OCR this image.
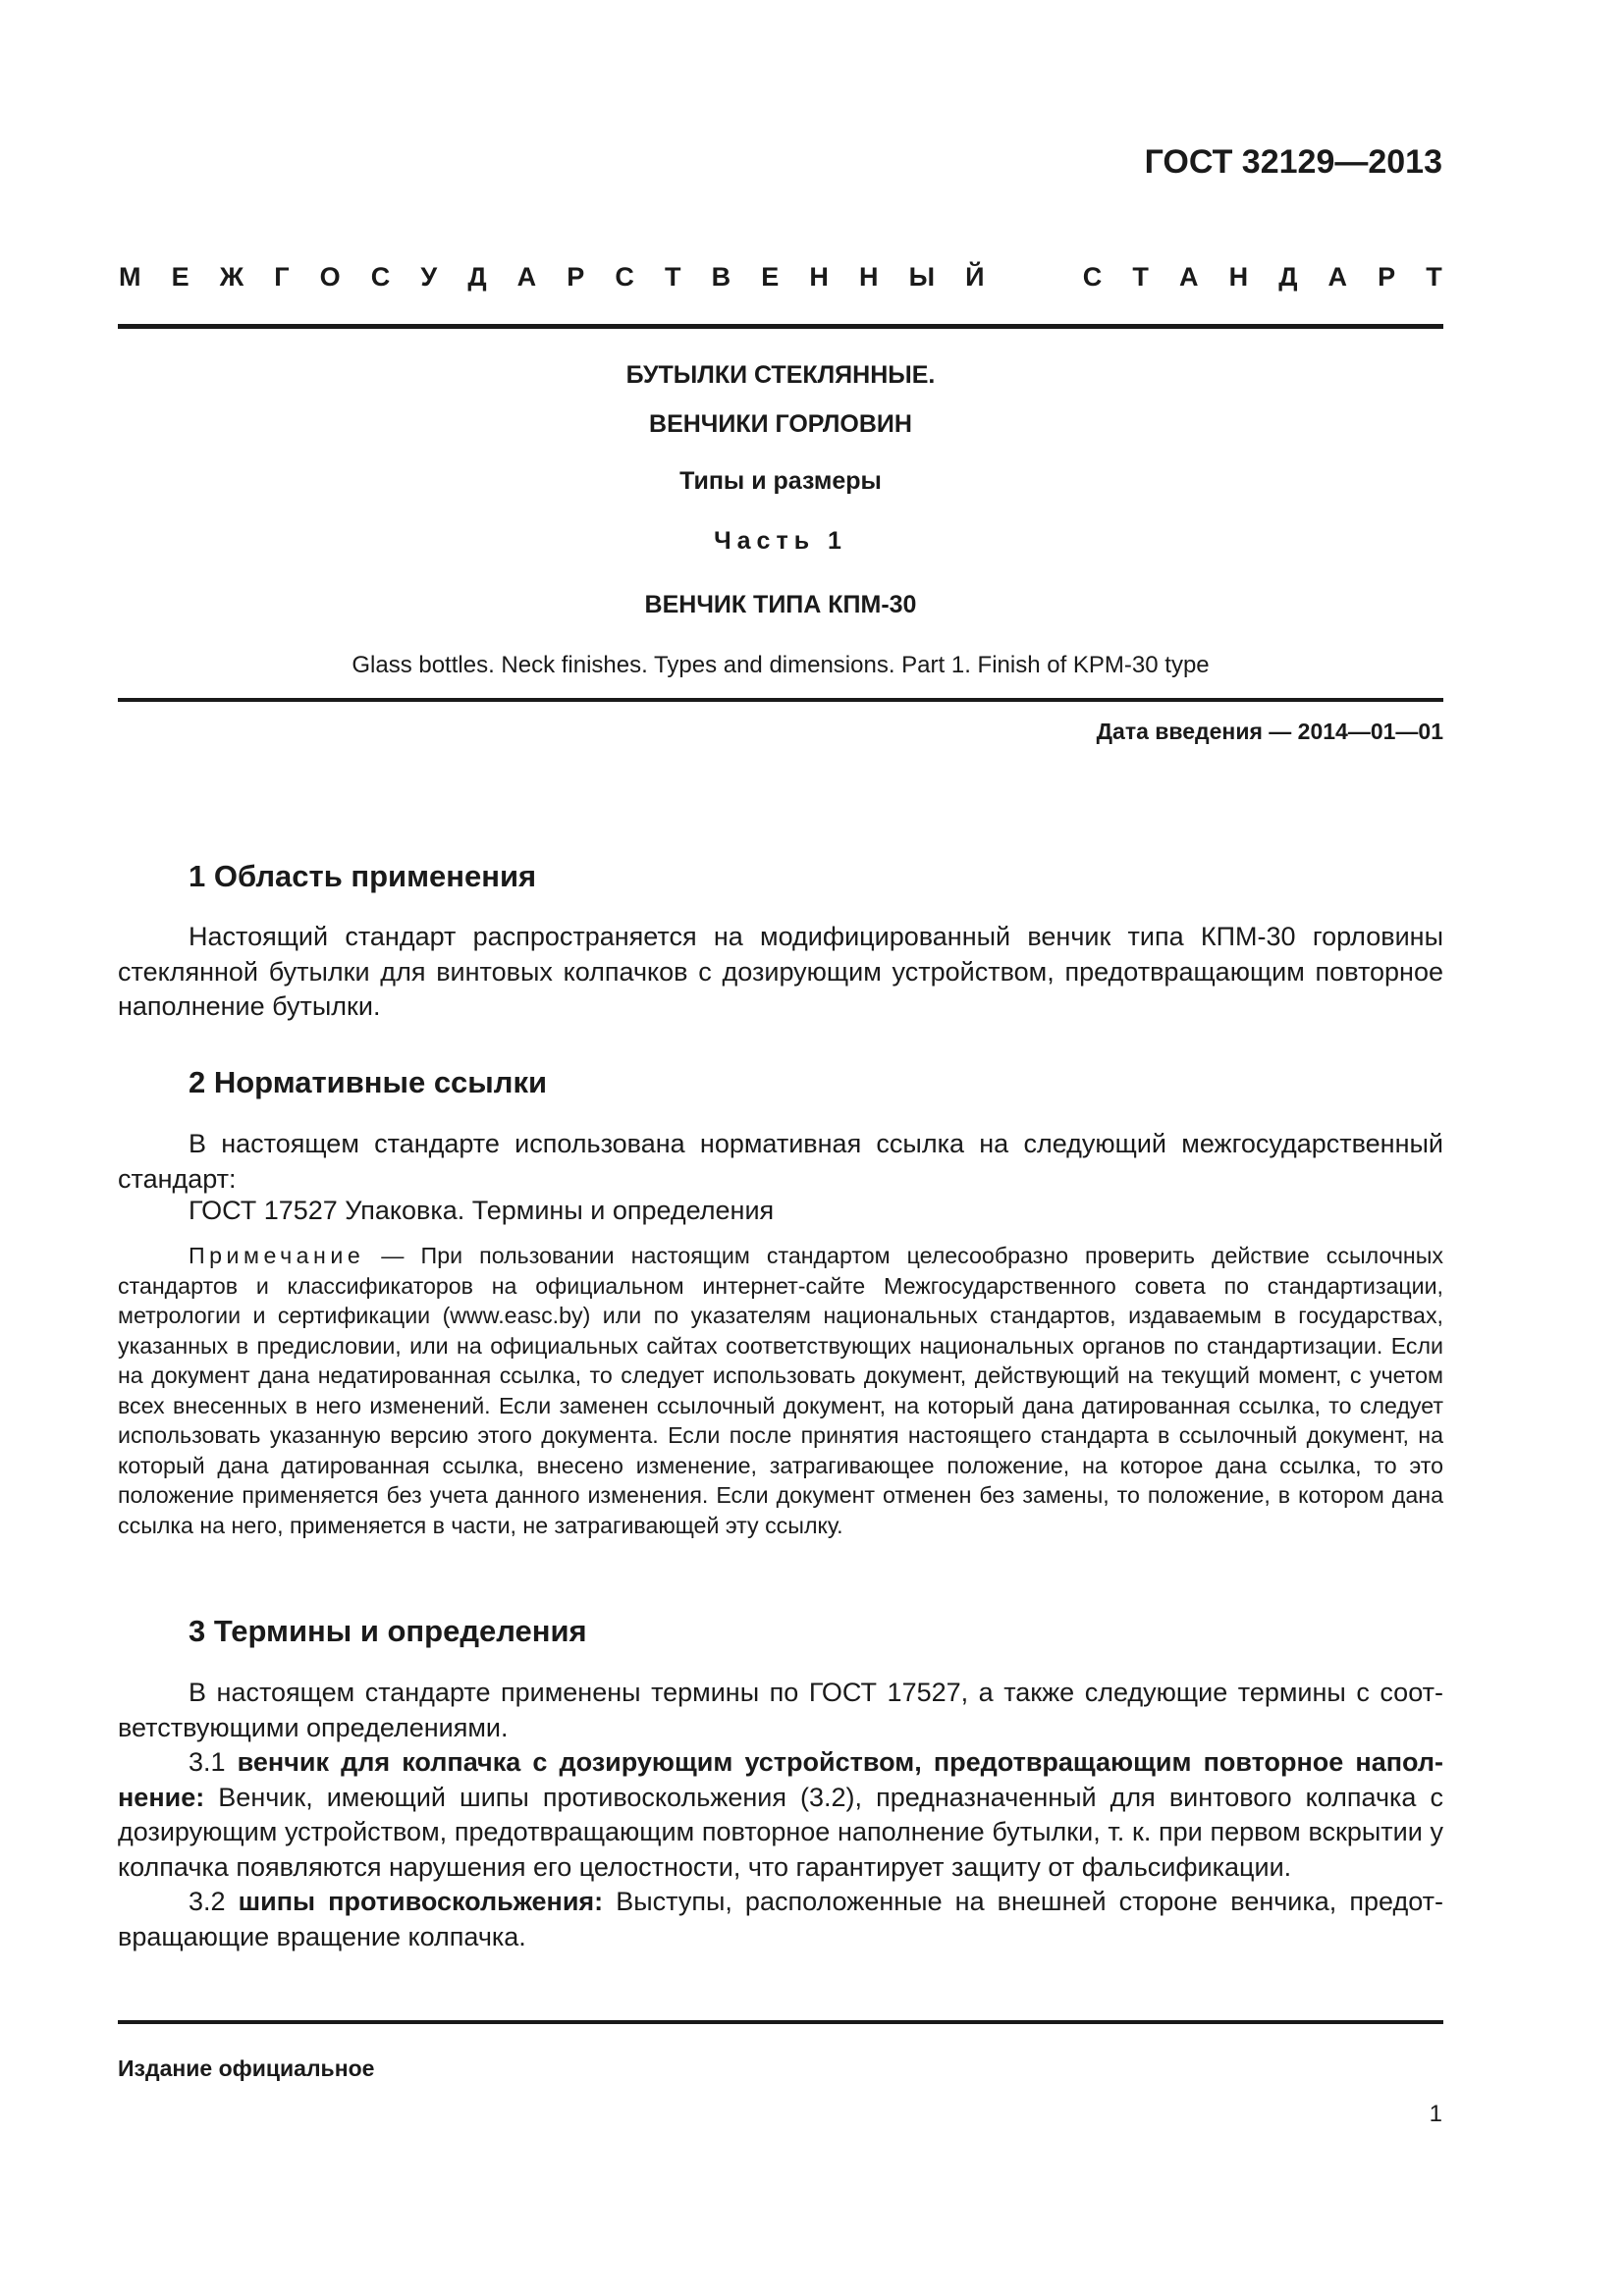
ГОСТ 32129—2013
М Е Ж Г О С У Д А Р С Т В Е Н Н Ы Й	С Т А Н Д А Р Т
БУТЫЛКИ СТЕКЛЯННЫЕ.
ВЕНЧИКИ ГОРЛОВИН
Типы и размеры
Часть 1
ВЕНЧИК ТИПА КПМ-30
Glass bottles. Neck finishes. Types and dimensions. Part 1. Finish of KPM-30 type
Дата введения — 2014—01—01
1 Область применения
Настоящий стандарт распространяется на модифицированный венчик типа КПМ-30 горловины стеклянной бутылки для винтовых колпачков с дозирующим устройством, предотвращающим повторное наполнение бутылки.
2 Нормативные ссылки
В настоящем стандарте использована нормативная ссылка на следующий межгосударственный стандарт:
ГОСТ 17527 Упаковка. Термины и определения
Примечание — При пользовании настоящим стандартом целесообразно проверить действие ссылочных стандартов и классификаторов на официальном интернет-сайте Межгосударственного совета по стандартизации, метрологии и сертификации (www.easc.by) или по указателям национальных стандартов, издаваемым в государствах, указанных в предисловии, или на официальных сайтах соответствующих национальных органов по стандартизации. Если на документ дана недатированная ссылка, то следует использовать документ, действующий на текущий момент, с учетом всех внесенных в него изменений. Если заменен ссылочный документ, на который дана датированная ссылка, то следует использовать указанную версию этого документа. Если после принятия настоящего стандарта в ссылочный документ, на который дана датированная ссылка, внесено изменение, затрагивающее положение, на которое дана ссылка, то это положение применяется без учета данного изменения. Если документ отменен без замены, то положение, в котором дана ссылка на него, применяется в части, не затрагивающей эту ссылку.
3 Термины и определения
В настоящем стандарте применены термины по ГОСТ 17527, а также следующие термины с соответствующими определениями.
3.1 венчик для колпачка с дозирующим устройством, предотвращающим повторное наполнение: Венчик, имеющий шипы противоскольжения (3.2), предназначенный для винтового колпачка с дозирующим устройством, предотвращающим повторное наполнение бутылки, т. к. при первом вскрытии у колпачка появляются нарушения его целостности, что гарантирует защиту от фальсификации.
3.2 шипы противоскольжения: Выступы, расположенные на внешней стороне венчика, предотвращающие вращение колпачка.
Издание официальное
1
